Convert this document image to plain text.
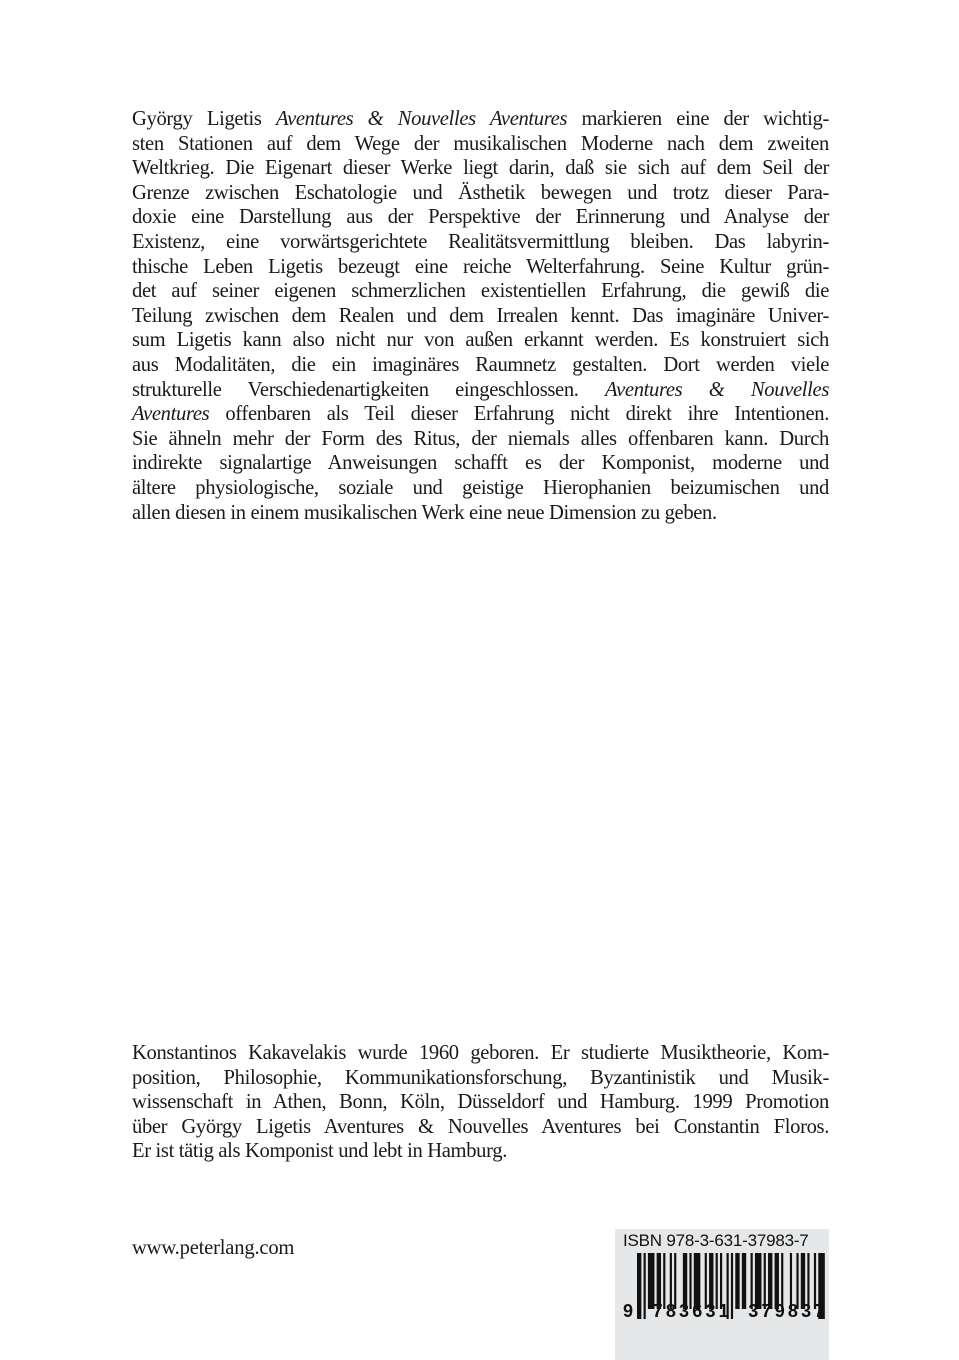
György Ligetis Aventures & Nouvelles Aventures markieren eine der wichtig-
sten Stationen auf dem Wege der musikalischen Moderne nach dem zweiten
Weltkrieg. Die Eigenart dieser Werke liegt darin, daß sie sich auf dem Seil der
Grenze zwischen Eschatologie und Ästhetik bewegen und trotz dieser Para-
doxie eine Darstellung aus der Perspektive der Erinnerung und Analyse der
Existenz, eine vorwärtsgerichtete Realitätsvermittlung bleiben. Das labyrin-
thische Leben Ligetis bezeugt eine reiche Welterfahrung. Seine Kultur grün-
det auf seiner eigenen schmerzlichen existentiellen Erfahrung, die gewiß die
Teilung zwischen dem Realen und dem Irrealen kennt. Das imaginäre Univer-
sum Ligetis kann also nicht nur von außen erkannt werden. Es konstruiert sich
aus Modalitäten, die ein imaginäres Raumnetz gestalten. Dort werden viele
strukturelle Verschiedenartigkeiten eingeschlossen. Aventures & Nouvelles
Aventures offenbaren als Teil dieser Erfahrung nicht direkt ihre Intentionen.
Sie ähneln mehr der Form des Ritus, der niemals alles offenbaren kann. Durch
indirekte signalartige Anweisungen schafft es der Komponist, moderne und
ältere physiologische, soziale und geistige Hierophanien beizumischen und
allen diesen in einem musikalischen Werk eine neue Dimension zu geben.
Konstantinos Kakavelakis wurde 1960 geboren. Er studierte Musiktheorie, Kom-
position, Philosophie, Kommunikationsforschung, Byzantinistik und Musik-
wissenschaft in Athen, Bonn, Köln, Düsseldorf und Hamburg. 1999 Promotion
über György Ligetis Aventures & Nouvelles Aventures bei Constantin Floros.
Er ist tätig als Komponist und lebt in Hamburg.
www.peterlang.com	ISBN 978-3-631-37983-7
9  783631  379837
